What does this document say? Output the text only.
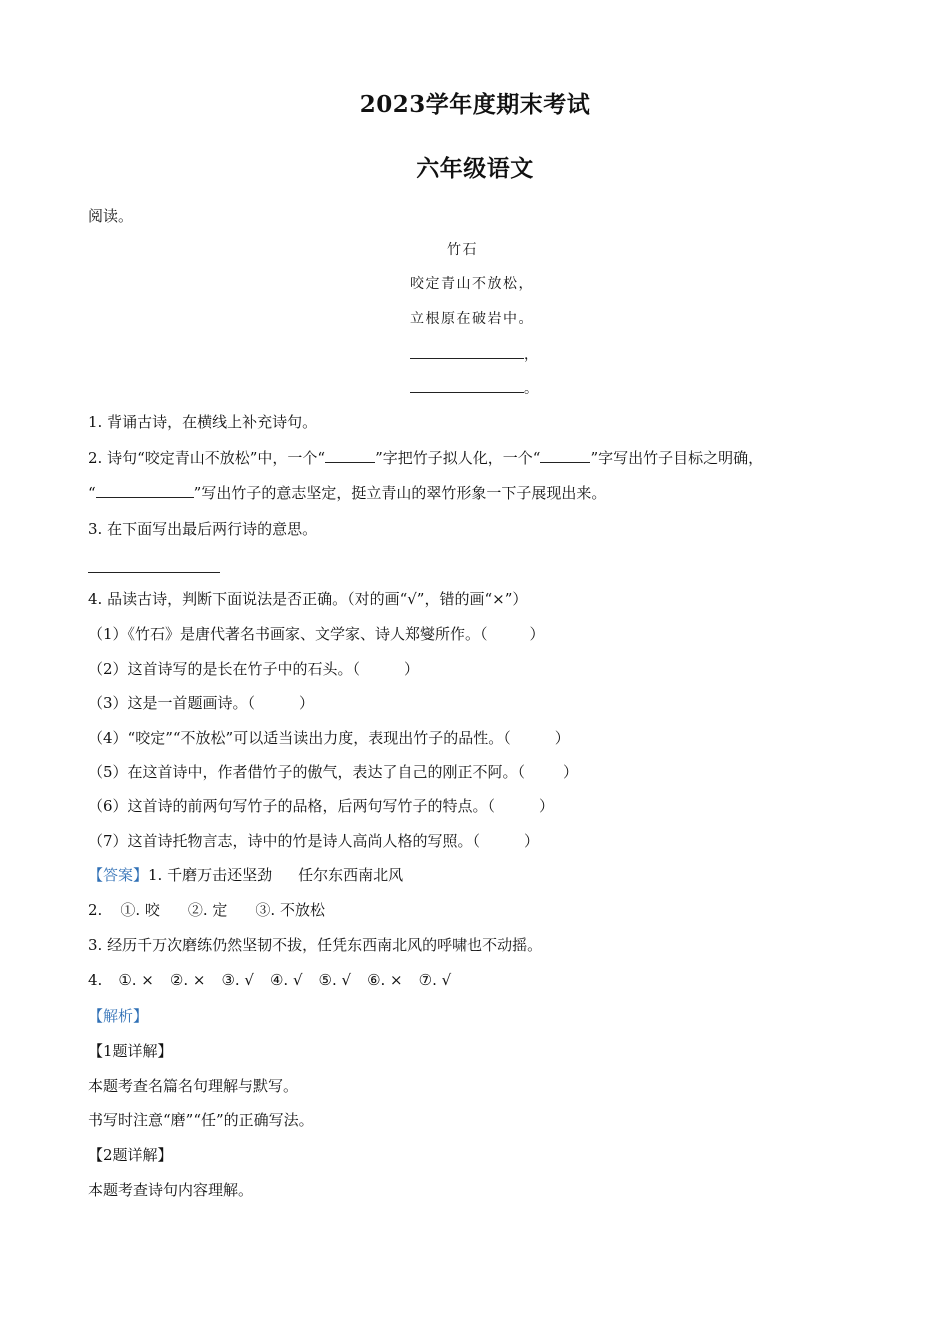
2023学年度期末考试
六年级语文
阅读。
竹石
咬定青山不放松，
立根原在破岩中。
，
。
1. 背诵古诗，在横线上补充诗句。
2. 诗句“咬定青山不放松”中，一个“	”字把竹子拟人化，一个“	”字写出竹子目标之明确，
“	”写出竹子的意志坚定，挺立青山的翠竹形象一下子展现出来。
3. 在下面写出最后两行诗的意思。
4. 品读古诗，判断下面说法是否正确。（对的画“√”，错的画“×”）
（1）《竹石》是唐代著名书画家、文学家、诗人郑燮所作。（	）
（2）这首诗写的是长在竹子中的石头。（	）
（3）这是一首题画诗。（	）
（4）“咬定”“不放松”可以适当读出力度，表现出竹子的品性。（	）
（5）在这首诗中，作者借竹子的傲气，表达了自己的刚正不阿。（	）
（6）这首诗的前两句写竹子的品格，后两句写竹子的特点。（	）
（7）这首诗托物言志，诗中的竹是诗人高尚人格的写照。（	）
【答案】1. 千磨万击还坚劲 任尔东西南北风
2. ①. 咬 ②. 定 ③. 不放松
3. 经历千万次磨练仍然坚韧不拔，任凭东西南北风的呼啸也不动摇。
4. ①. × ②. × ③. √ ④. √ ⑤. √ ⑥. × ⑦. √
【解析】
【1题详解】
本题考查名篇名句理解与默写。
书写时注意“磨”“任”的正确写法。
【2题详解】
本题考查诗句内容理解。
